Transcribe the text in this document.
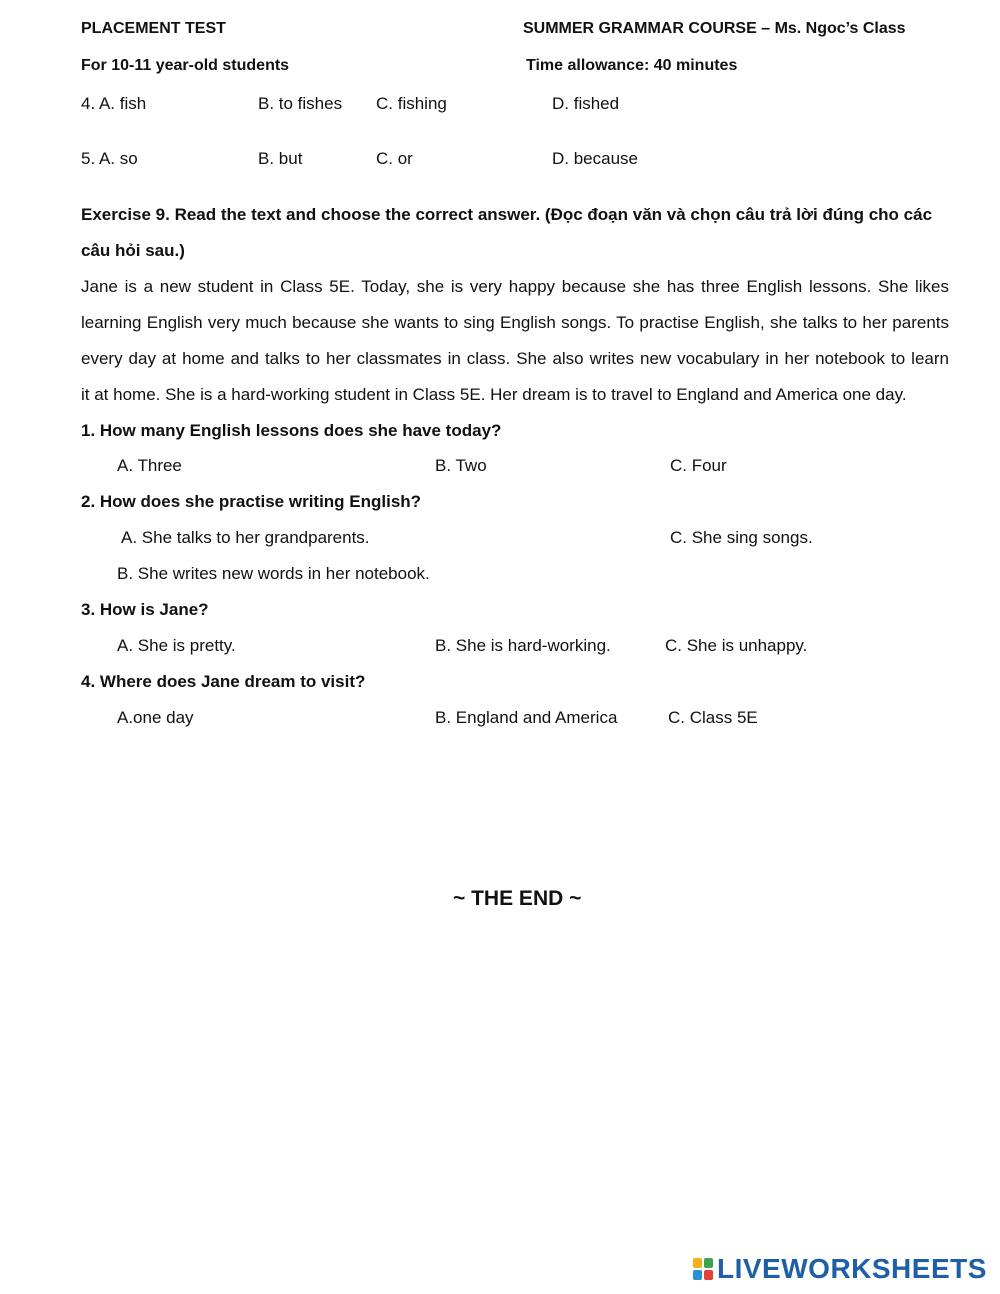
PLACEMENT TEST	SUMMER GRAMMAR COURSE – Ms. Ngoc’s Class
For 10-11 year-old students	Time allowance: 40 minutes
4. A. fish	B. to fishes C. fishing	D. fished
5. A. so	B. but	C. or	D. because
Exercise 9. Read the text and choose the correct answer. (Đọc đoạn văn và chọn câu trả lời đúng cho các
câu hỏi sau.)
Jane is a new student in Class 5E. Today, she is very happy because she has three English lessons. She likes
learning English very much because she wants to sing English songs. To practise English, she talks to her parents
every day at home and talks to her classmates in class. She also writes new vocabulary in her notebook to learn
it at home. She is a hard-working student in Class 5E. Her dream is to travel to England and America one day.
1. How many English lessons does she have today?
A. Three	B. Two	C. Four
2. How does she practise writing English?
A. She talks to her grandparents.	C. She sing songs.
B. She writes new words in her notebook.
3. How is Jane?
A. She is pretty.	B. She is hard-working.	C. She is unhappy.
4. Where does Jane dream to visit?
A.one day	B. England and America	C. Class 5E
~ THE END ~
LIVEWORKSHEETS
